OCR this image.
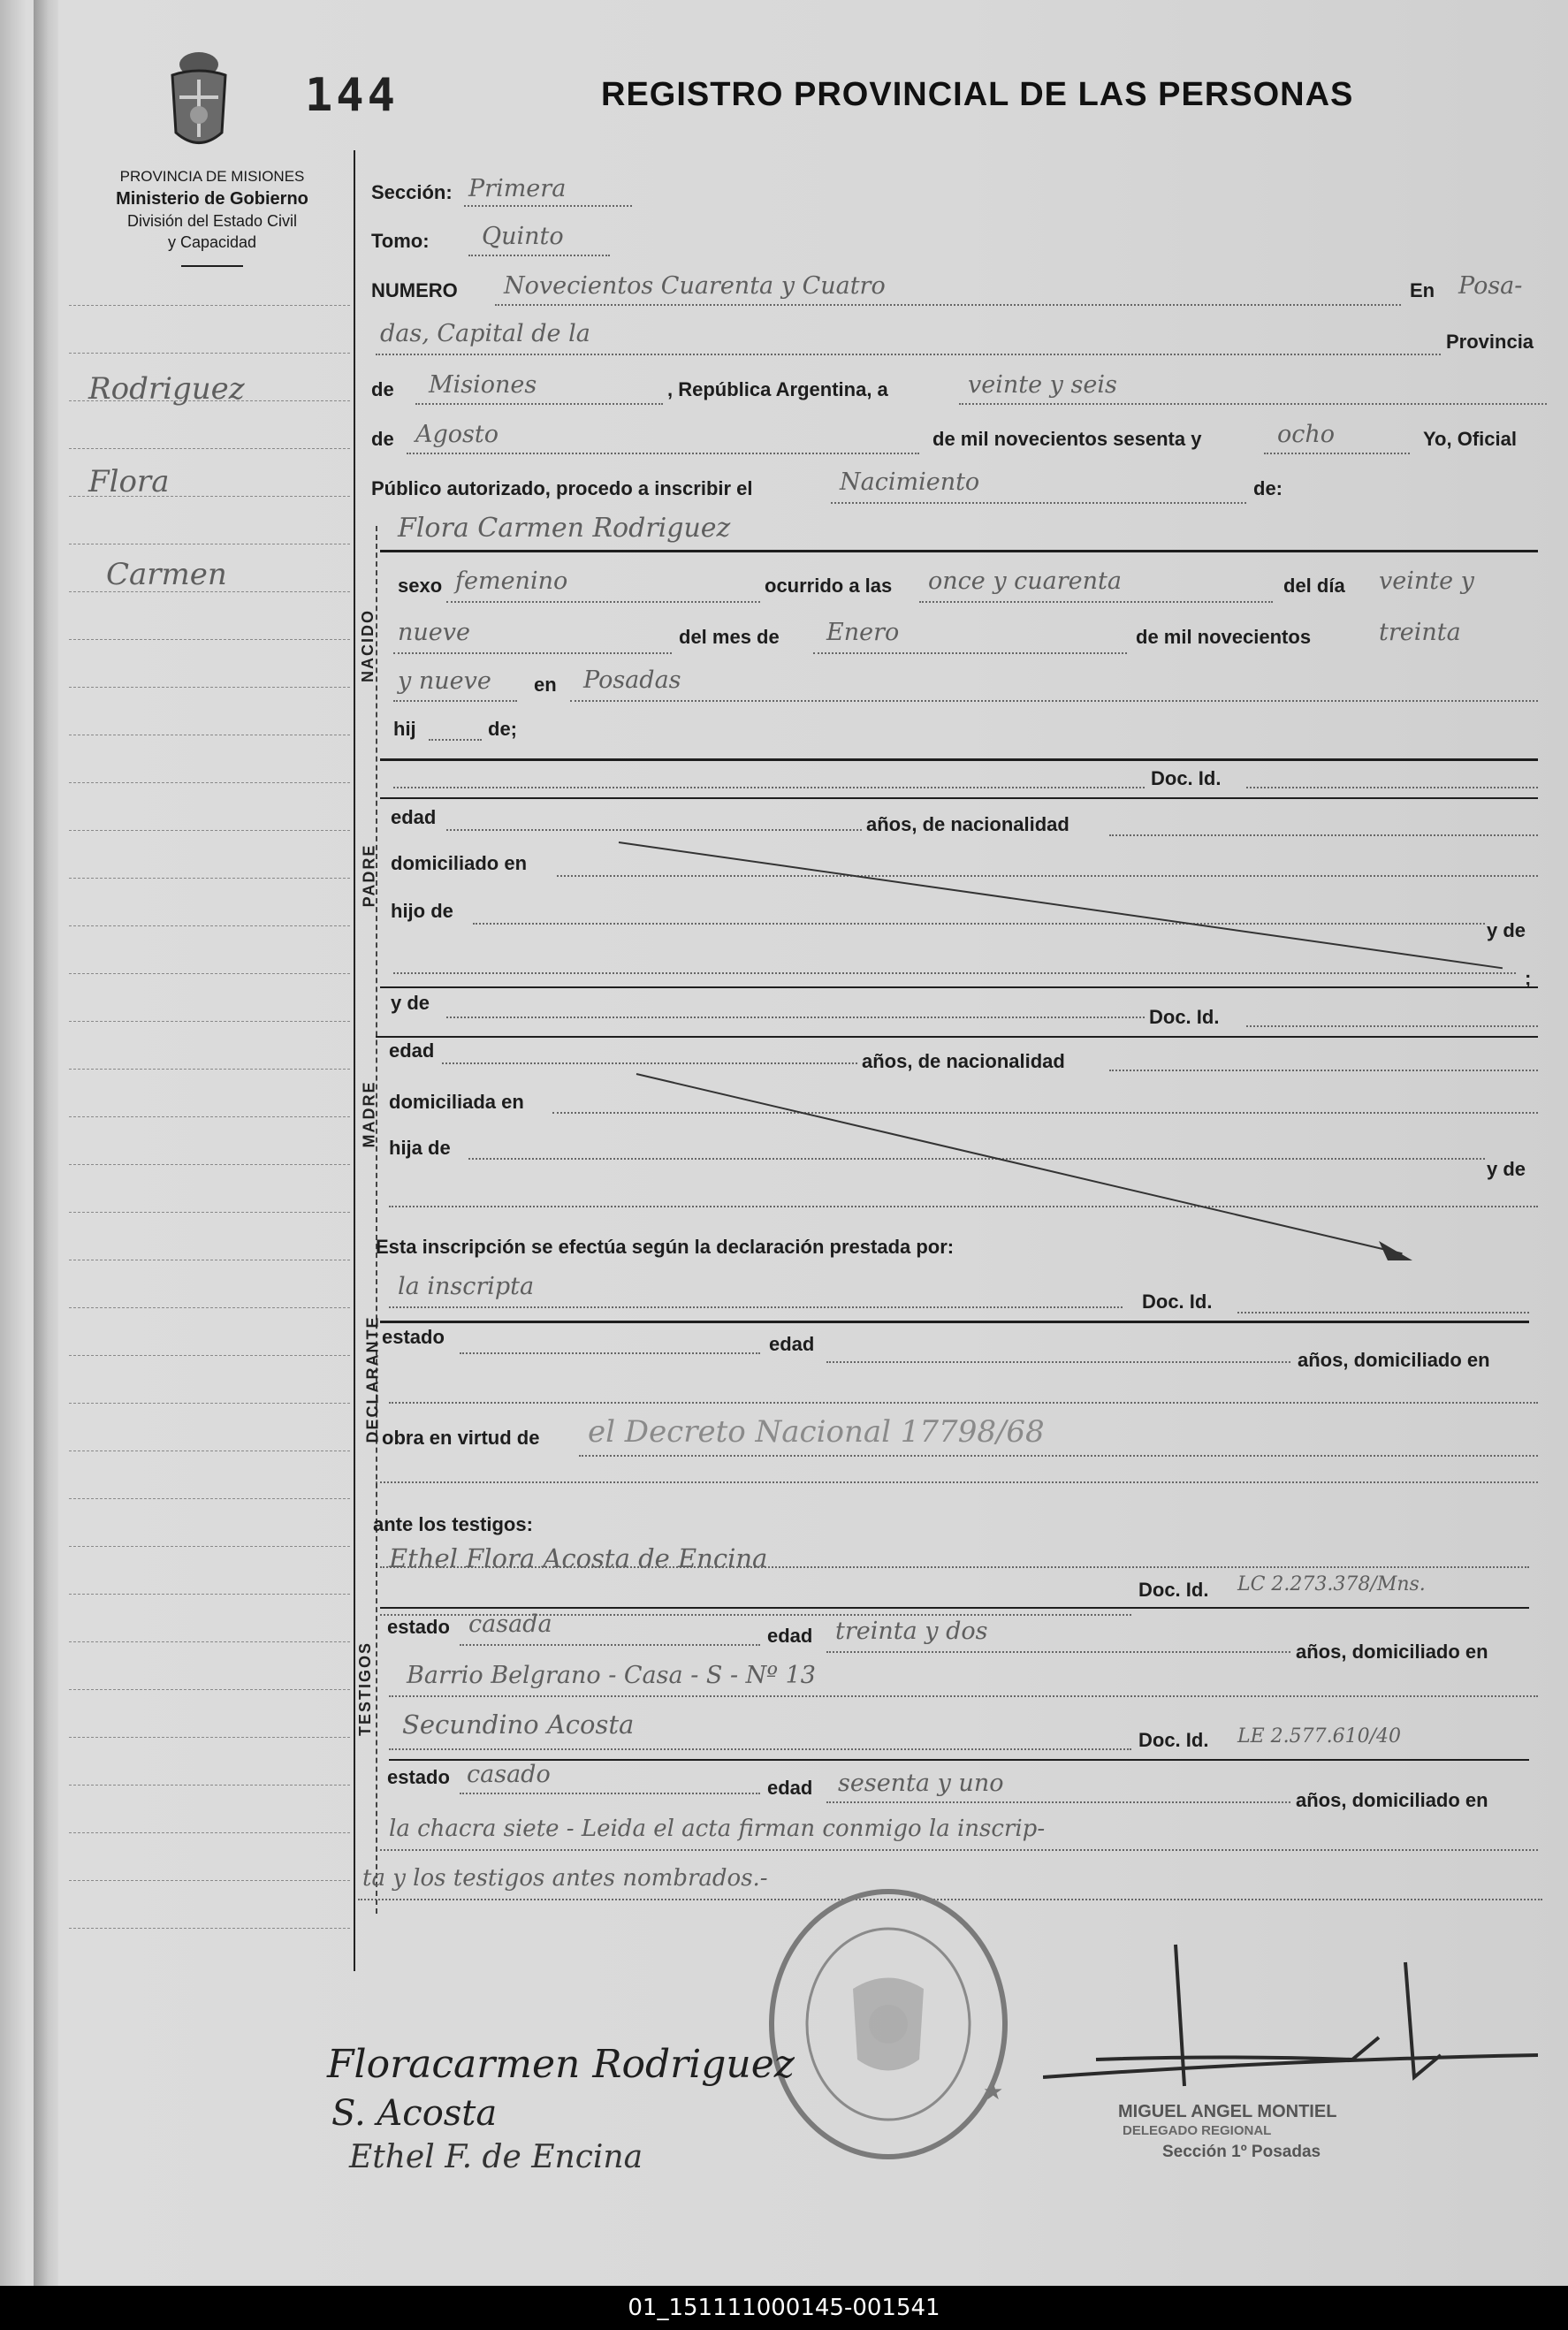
144	REGISTRO PROVINCIAL DE LAS PERSONAS
PROVINCIA DE MISIONES
Ministerio de Gobierno
División del Estado Civil
y Capacidad
Rodriguez
Flora
Carmen
NACIDO
PADRE
MADRE
DECLARANTE
TESTIGOS
Sección: Primera
Tomo: Quinto
NUMERO Novecientos Cuarenta y Cuatro	En Posa-
das, Capital de la	Provincia
de Misiones	, República Argentina, a	veinte y seis
de Agosto	de mil novecientos sesenta y	ocho	Yo, Oficial
Público autorizado, procedo a inscribir el	Nacimiento	de:
Flora Carmen Rodriguez
sexo femenino	ocurrido a las once y cuarenta	del día veinte y
nueve	del mes de Enero	de mil novecientos	treinta
y nueve en Posadas
hij	de;
Doc. Id.
edad	años, de nacionalidad
domiciliado en
hijo de
y de
;
y de
Doc. Id.
edad	años, de nacionalidad
domiciliada en
hija de
y de
Esta inscripción se efectúa según la declaración prestada por:
la inscripta
Doc. Id.
estado	edad
años, domiciliado en
obra en virtud de el Decreto Nacional 17798/68
ante los testigos:
Ethel Flora Acosta de Encina
Doc. Id. LC 2.273.378/Mns.
estado casada	edad treinta y dos
años, domiciliado en
Barrio Belgrano - Casa - S - Nº 13
Secundino Acosta
Doc. Id. LE 2.577.610/40
estado casado	edad sesenta y uno
años, domiciliado en
la chacra siete - Leida el acta firman conmigo la inscrip-
ta y los testigos antes nombrados.-
★
MIGUEL ANGEL MONTIEL
DELEGADO REGIONAL
Sección 1º Posadas
Floracarmen Rodriguez
S. Acosta
Ethel F. de Encina
01_151111000145-001541
